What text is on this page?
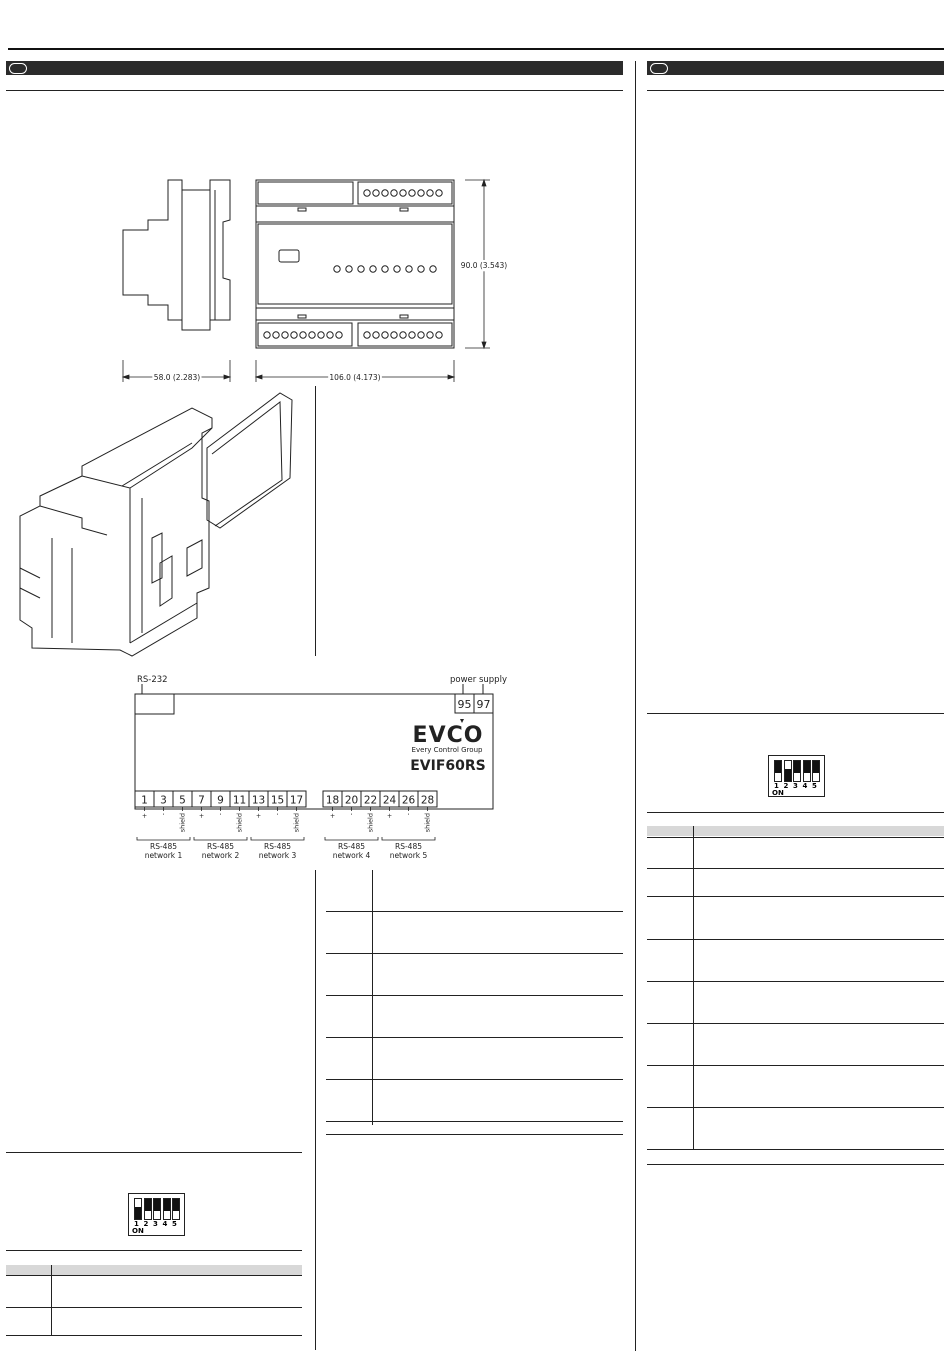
58.0 (2.283)	106.0 (4.173)
90.0 (3.543)
RS-232	power supply
95 97
EVCO
Every Control Group
EVIF60RS
1 3 5 7 9 11 13 15 17 18 20 22 24 26 28
+ - shield + - shield + - shield	+ - shield + - shield
RS-485
network 1
RS-485
network 2
RS-485
network 3
RS-485
network 4
RS-485
network 5
1 2 3 4 5
ON
1 2 3 4 5
ON
